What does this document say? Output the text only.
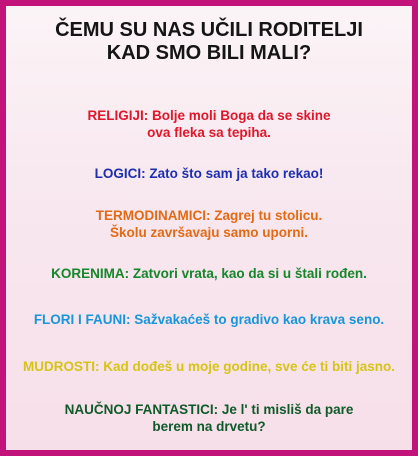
ČEMU SU NAS UČILI RODITELJI
KAD SMO BILI MALI?
RELIGIJI: Bolje moli Boga da se skine
ova fleka sa tepiha.
LOGICI: Zato što sam ja tako rekao!
TERMODINAMICI: Zagrej tu stolicu.
Školu završavaju samo uporni.
KORENIMA: Zatvori vrata, kao da si u štali rođen.
FLORI I FAUNI: Sažvakaćeš to gradivo kao krava seno.
MUDROSTI: Kad dođeš u moje godine, sve će ti biti jasno.
NAUČNOJ FANTASTICI: Je l' ti misliš da pare
berem na drvetu?
